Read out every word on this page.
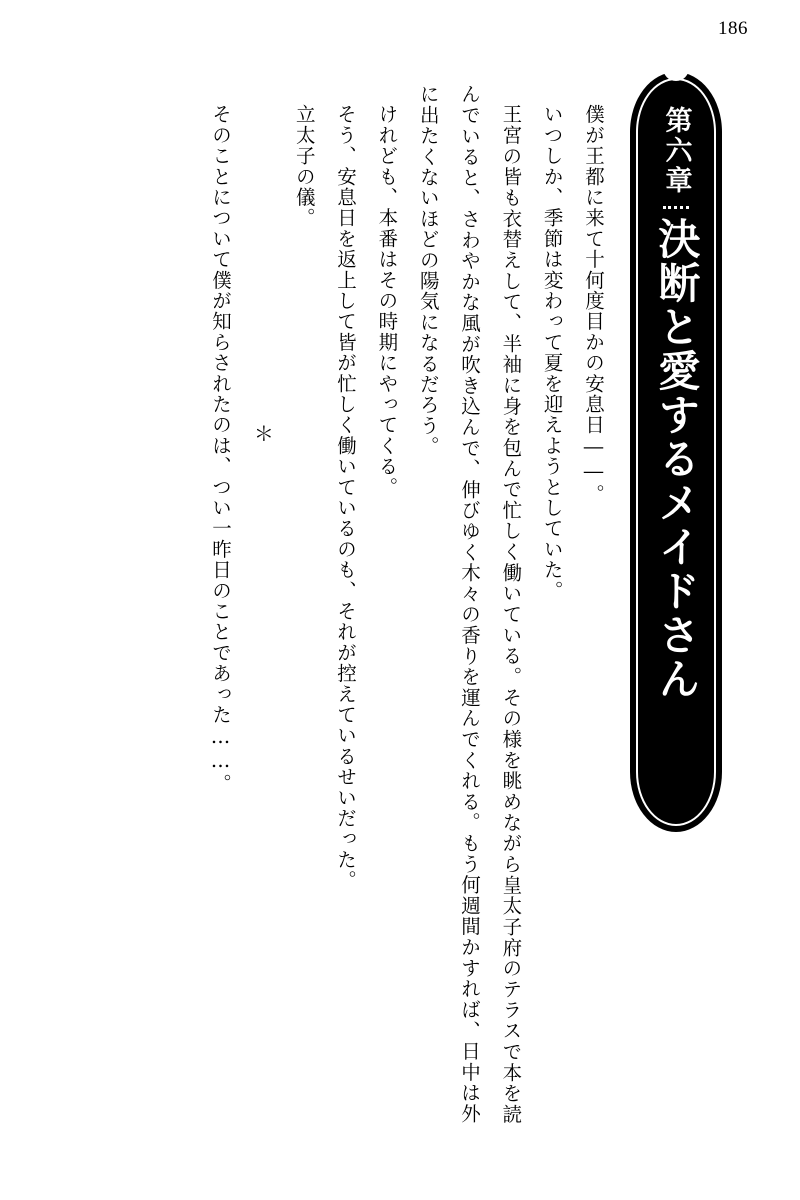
186
第六章
決断と愛するメイドさん

僕が王都に来て十何度目かの安息日――。

いつしか、季節は変わって夏を迎えようとしていた。

王宮の皆も衣替えして、半袖に身を包んで忙しく働いている。その様を眺めながら皇太子府のテラスで本を読んでいると、さわやかな風が吹き込んで、伸びゆく木々の香りを運んでくれる。もう何週間かすれば、日中は外に出たくないほどの陽気になるだろう。

けれども、本番はその時期にやってくる。

そう、安息日を返上して皆が忙しく働いているのも、それが控えているせいだった。

立太子の儀。

＊

そのことについて僕が知らされたのは、つい一昨日のことであった……。
